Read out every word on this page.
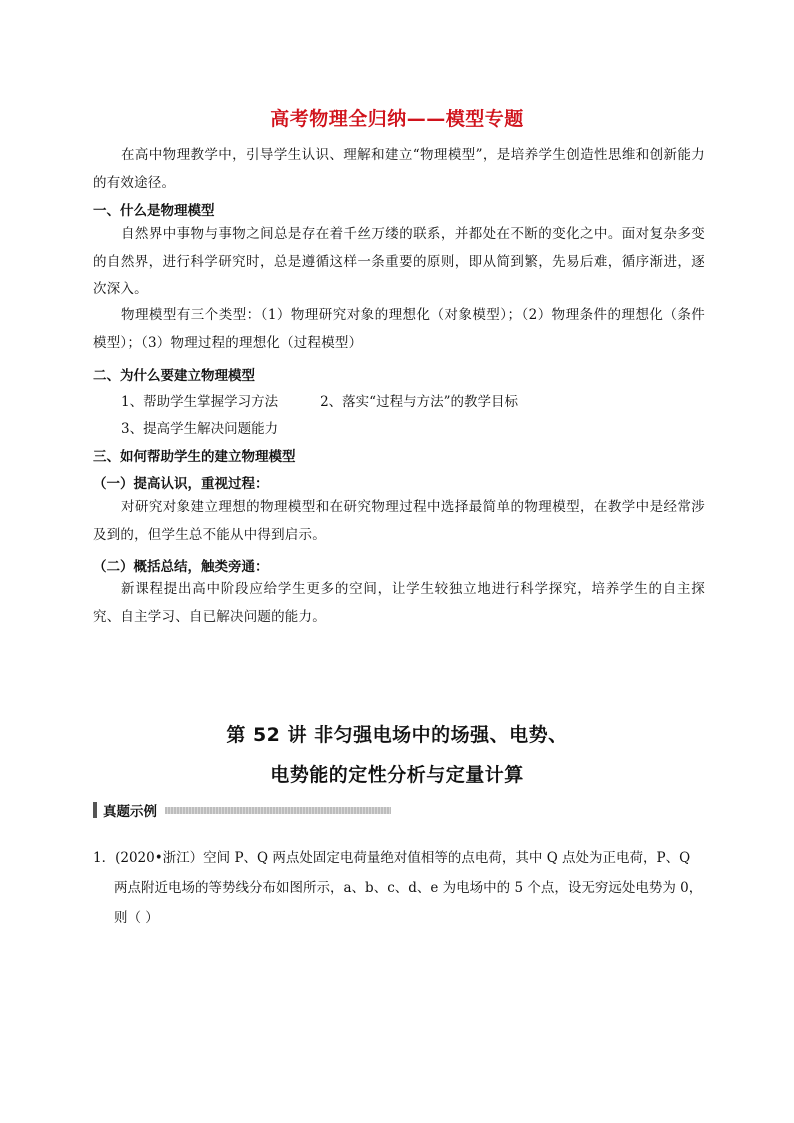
高考物理全归纳——模型专题
在高中物理教学中，引导学生认识、理解和建立“物理模型”，是培养学生创造性思维和创新能力的有效途径。
一、什么是物理模型
自然界中事物与事物之间总是存在着千丝万缕的联系，并都处在不断的变化之中。面对复杂多变的自然界，进行科学研究时，总是遵循这样一条重要的原则，即从简到繁，先易后难，循序渐进，逐次深入。
物理模型有三个类型：（1）物理研究对象的理想化（对象模型）；（2）物理条件的理想化（条件模型）；（3）物理过程的理想化（过程模型）
二、为什么要建立物理模型
1、帮助学生掌握学习方法	2、落实“过程与方法”的教学目标
3、提高学生解决问题能力
三、如何帮助学生的建立物理模型
（一）提高认识，重视过程：
对研究对象建立理想的物理模型和在研究物理过程中选择最简单的物理模型，在教学中是经常涉及到的，但学生总不能从中得到启示。
（二）概括总结，触类旁通：
新课程提出高中阶段应给学生更多的空间，让学生较独立地进行科学探究，培养学生的自主探究、自主学习、自已解决问题的能力。
第 52 讲 非匀强电场中的场强、电势、
电势能的定性分析与定量计算
真题示例
1．(2020•浙江）空间 P、Q 两点处固定电荷量绝对值相等的点电荷，其中 Q 点处为正电荷，P、Q
两点附近电场的等势线分布如图所示，a、b、c、d、e 为电场中的 5 个点，设无穷远处电势为 0，
则（ ）
